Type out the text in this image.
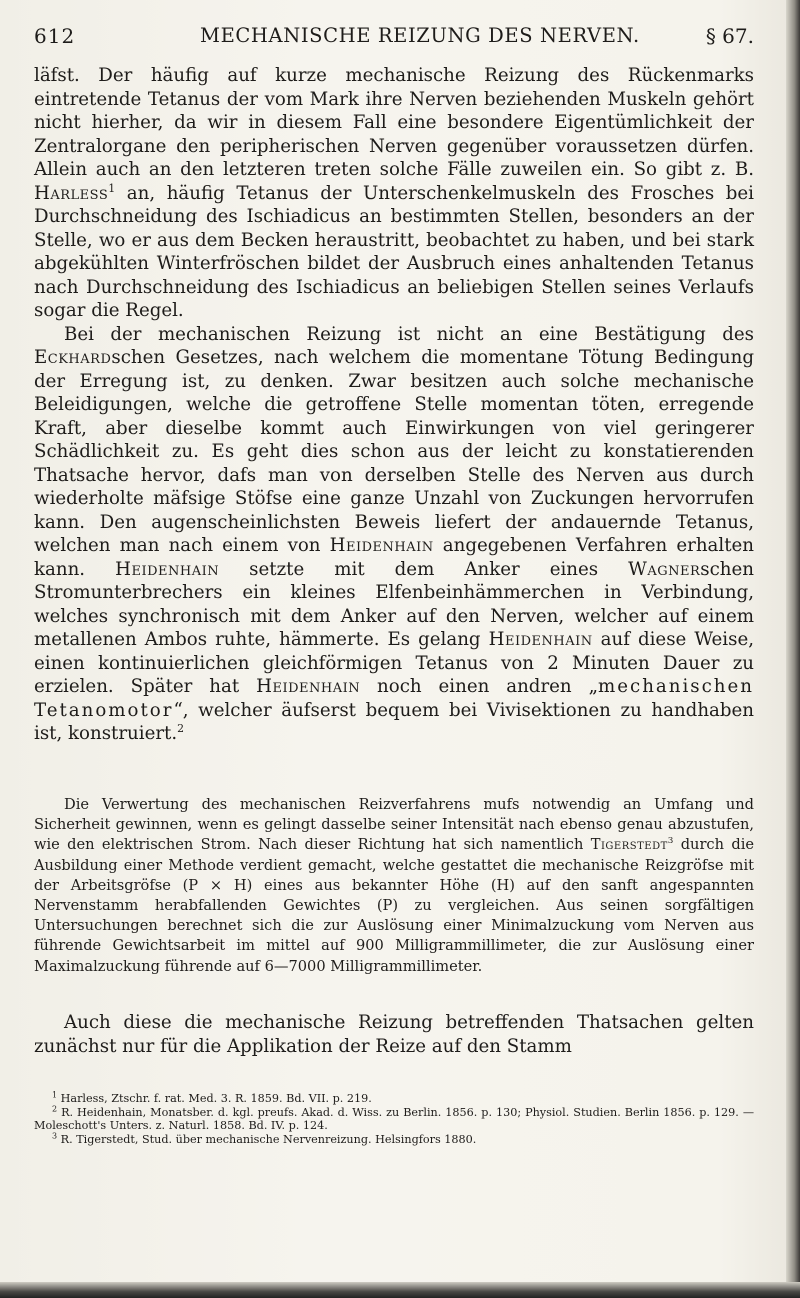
612	MECHANISCHE REIZUNG DES NERVEN.	§ 67.

läfst. Der häufig auf kurze mechanische Reizung des Rückenmarks eintretende Tetanus der vom Mark ihre Nerven beziehenden Muskeln gehört nicht hierher, da wir in diesem Fall eine besondere Eigentümlichkeit der Zentralorgane den peripherischen Nerven gegenüber voraussetzen dürfen. Allein auch an den letzteren treten solche Fälle zuweilen ein. So gibt z. B. Harless$^1$ an, häufig Tetanus der Unterschenkelmuskeln des Frosches bei Durchschneidung des Ischiadicus an bestimmten Stellen, besonders an der Stelle, wo er aus dem Becken heraustritt, beobachtet zu haben, und bei stark abgekühlten Winterfröschen bildet der Ausbruch eines anhaltenden Tetanus nach Durchschneidung des Ischiadicus an beliebigen Stellen seines Verlaufs sogar die Regel.

Bei der mechanischen Reizung ist nicht an eine Bestätigung des Eckhardschen Gesetzes, nach welchem die momentane Tötung Bedingung der Erregung ist, zu denken. Zwar besitzen auch solche mechanische Beleidigungen, welche die getroffene Stelle momentan töten, erregende Kraft, aber dieselbe kommt auch Einwirkungen von viel geringerer Schädlichkeit zu. Es geht dies schon aus der leicht zu konstatierenden Thatsache hervor, dafs man von derselben Stelle des Nerven aus durch wiederholte mäfsige Stöfse eine ganze Unzahl von Zuckungen hervorrufen kann. Den augenscheinlichsten Beweis liefert der andauernde Tetanus, welchen man nach einem von Heidenhain angegebenen Verfahren erhalten kann. Heidenhain setzte mit dem Anker eines Wagnerschen Stromunterbrechers ein kleines Elfenbeinhämmerchen in Verbindung, welches synchronisch mit dem Anker auf den Nerven, welcher auf einem metallenen Ambos ruhte, hämmerte. Es gelang Heidenhain auf diese Weise, einen kontinuierlichen gleichförmigen Tetanus von 2 Minuten Dauer zu erzielen. Später hat Heidenhain noch einen andren „mechanischen Tetanomotor“, welcher äufserst bequem bei Vivisektionen zu handhaben ist, konstruiert.$^2$

Die Verwertung des mechanischen Reizverfahrens mufs notwendig an Umfang und Sicherheit gewinnen, wenn es gelingt dasselbe seiner Intensität nach ebenso genau abzustufen, wie den elektrischen Strom. Nach dieser Richtung hat sich namentlich Tigerstedt$^3$ durch die Ausbildung einer Methode verdient gemacht, welche gestattet die mechanische Reizgröfse mit der Arbeitsgröfse (P × H) eines aus bekannter Höhe (H) auf den sanft angespannten Nervenstamm herabfallenden Gewichtes (P) zu vergleichen. Aus seinen sorgfältigen Untersuchungen berechnet sich die zur Auslösung einer Minimalzuckung vom Nerven aus führende Gewichtsarbeit im mittel auf 900 Milligrammillimeter, die zur Auslösung einer Maximalzuckung führende auf 6—7000 Milligrammillimeter.

Auch diese die mechanische Reizung betreffenden Thatsachen gelten zunächst nur für die Applikation der Reize auf den Stamm

$^1$ Harless, Ztschr. f. rat. Med. 3. R. 1859. Bd. VII. p. 219.

$^2$ R. Heidenhain, Monatsber. d. kgl. preufs. Akad. d. Wiss. zu Berlin. 1856. p. 130; Physiol. Studien. Berlin 1856. p. 129. — Moleschott's Unters. z. Naturl. 1858. Bd. IV. p. 124.

$^3$ R. Tigerstedt, Stud. über mechanische Nervenreizung. Helsingfors 1880.
